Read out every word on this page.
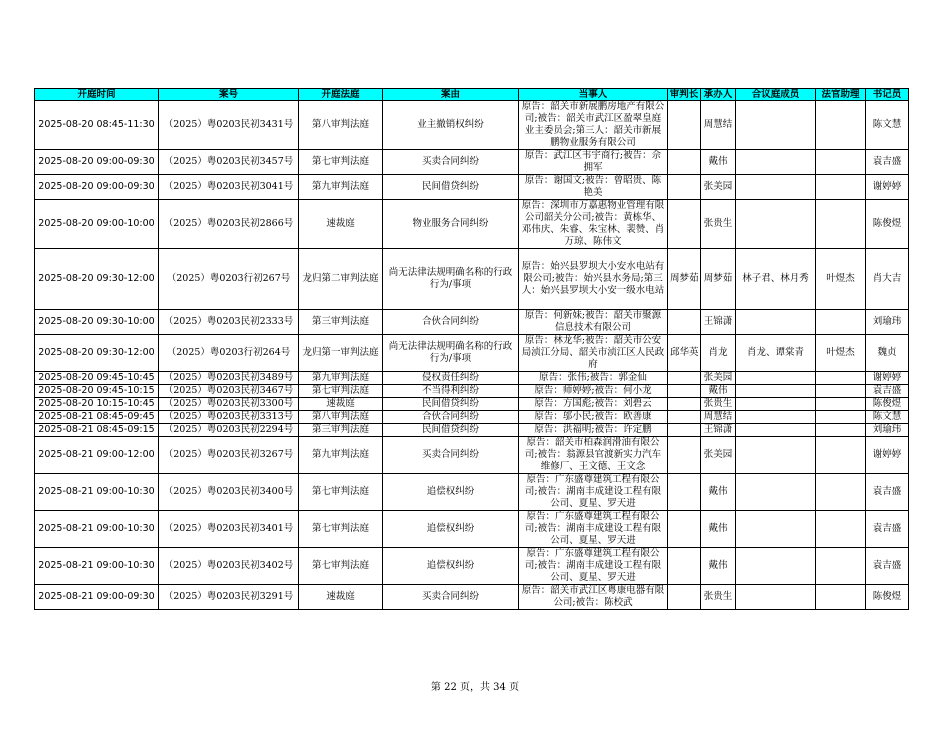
开庭时间	案号	开庭法庭	案由	当事人	审判长	承办人	合议庭成员	法官助理	书记员
2025-08-20 08:45-11:30	（2025）粤0203民初3431号	第八审判法庭	业主撤销权纠纷	原告：韶关市新展鹏房地产有限公司;被告：韶关市武江区盈翠皇庭业主委员会;第三人：韶关市新展鹏物业服务有限公司		周慧结			陈文慧
2025-08-20 09:00-09:30	（2025）粤0203民初3457号	第七审判法庭	买卖合同纠纷	原告：武江区韦宇商行;被告：佘拥军		戴伟			袁吉盛
2025-08-20 09:00-09:30	（2025）粤0203民初3041号	第九审判法庭	民间借贷纠纷	原告：谢国文;被告：曾昭贵、陈艳美		张美园			谢婷婷
2025-08-20 09:00-10:00	（2025）粤0203民初2866号	速裁庭	物业服务合同纠纷	原告：深圳市万嘉惠物业管理有限公司韶关分公司;被告：黄栋华、邓伟庆、朱睿、朱宝林、裴赞、肖万琼、陈伟文		张贵生			陈俊煜
2025-08-20 09:30-12:00	（2025）粤0203行初267号	龙归第二审判法庭	尚无法律法规明确名称的行政行为/事项	原告：始兴县罗坝大小安水电站有限公司;被告：始兴县水务局;第三人：始兴县罗坝大小安一级水电站	周梦茹	周梦茹	林子君、林月秀	叶煜杰	肖大吉
2025-08-20 09:30-10:00	（2025）粤0203民初2333号	第三审判法庭	合伙合同纠纷	原告：何新妹;被告：韶关市聚源信息技术有限公司		王锦潇			刘瑜玮
2025-08-20 09:30-12:00	（2025）粤0203行初264号	龙归第一审判法庭	尚无法律法规明确名称的行政行为/事项	原告：林龙华;被告：韶关市公安局浈江分局、韶关市浈江区人民政府	邱华英	肖龙	肖龙、谭棠青	叶煜杰	魏贞
2025-08-20 09:45-10:45	（2025）粤0203民初3489号	第九审判法庭	侵权责任纠纷	原告：张伟;被告：郭金仙		张美园			谢婷婷
2025-08-20 09:45-10:15	（2025）粤0203民初3467号	第七审判法庭	不当得利纠纷	原告：师婷婷;被告：何小龙		戴伟			袁吉盛
2025-08-20 10:15-10:45	（2025）粤0203民初3300号	速裁庭	民间借贷纠纷	原告：方国彪;被告：刘碧云		张贵生			陈俊煜
2025-08-21 08:45-09:45	（2025）粤0203民初3313号	第八审判法庭	合伙合同纠纷	原告：邬小民;被告：欧善康		周慧结			陈文慧
2025-08-21 08:45-09:15	（2025）粤0203民初2294号	第三审判法庭	民间借贷纠纷	原告：洪福明;被告：许定鹏		王锦潇			刘瑜玮
2025-08-21 09:00-12:00	（2025）粤0203民初3267号	第九审判法庭	买卖合同纠纷	原告：韶关市柏森润滑油有限公司;被告：翁源县官渡新实力汽车维修厂、王文德、王文念		张美园			谢婷婷
2025-08-21 09:00-10:30	（2025）粤0203民初3400号	第七审判法庭	追偿权纠纷	原告：广东盛尊建筑工程有限公司;被告：湖南丰成建设工程有限公司、夏星、罗天进		戴伟			袁吉盛
2025-08-21 09:00-10:30	（2025）粤0203民初3401号	第七审判法庭	追偿权纠纷	原告：广东盛尊建筑工程有限公司;被告：湖南丰成建设工程有限公司、夏星、罗天进		戴伟			袁吉盛
2025-08-21 09:00-10:30	（2025）粤0203民初3402号	第七审判法庭	追偿权纠纷	原告：广东盛尊建筑工程有限公司;被告：湖南丰成建设工程有限公司、夏星、罗天进		戴伟			袁吉盛
2025-08-21 09:00-09:30	（2025）粤0203民初3291号	速裁庭	买卖合同纠纷	原告：韶关市武江区粤康电器有限公司;被告：陈校武		张贵生			陈俊煜
第 22 页，共 34 页
